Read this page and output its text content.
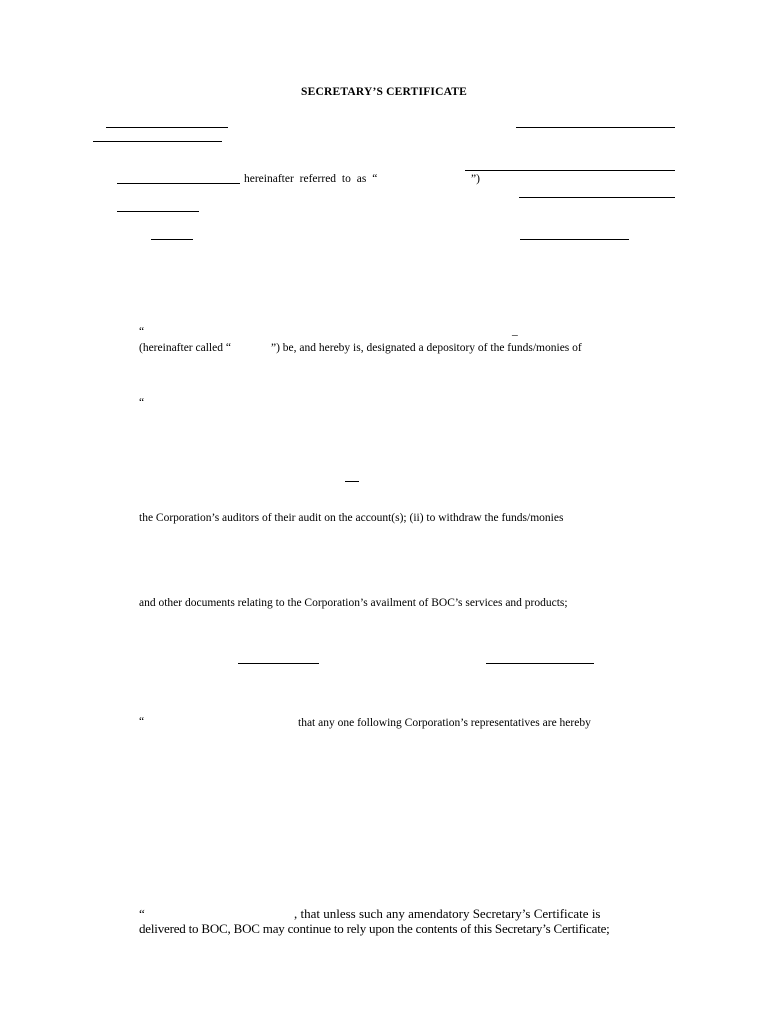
SECRETARY’S CERTIFICATE
hereinafter referred to as “	”)
“	_
(hereinafter called “	”) be, and hereby is, designated a depository of the funds/monies of
“
the Corporation’s auditors of their audit on the account(s); (ii) to withdraw the funds/monies
and other documents relating to the Corporation’s availment of BOC’s services and products;
“	that any one following Corporation’s representatives are hereby
“	, that unless such any amendatory Secretary’s Certificate is
delivered to BOC, BOC may continue to rely upon the contents of this Secretary’s Certificate;
